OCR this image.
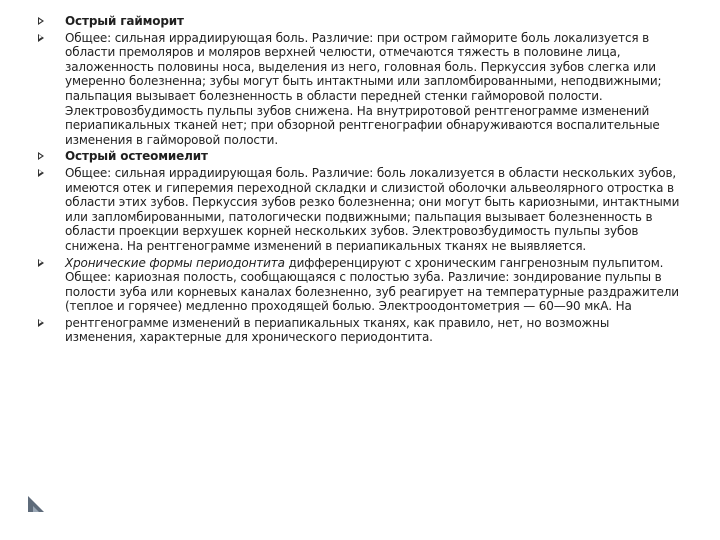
Острый гайморит
Общее: сильная иррадиирующая боль. Различие: при остром гайморите боль локализуется в области премоляров и моляров верхней челюсти, отмечаются тяжесть в половине лица, заложенность половины носа, выделения из него, головная боль. Перкуссия зубов слегка или умеренно болезненна; зубы могут быть интактными или запломбированными, неподвижными; пальпация вызывает болезненность в области передней стенки гайморовой полости. Электровозбудимость пульпы зубов снижена. На внутриротовой рентгенограмме изменений периапикальных тканей нет; при обзорной рентгенографии обнаруживаются воспалительные изменения в гайморовой полости.
Острый остеомиелит
Общее: сильная иррадиирующая боль. Различие: боль локализуется в области нескольких зубов, имеются отек и гиперемия переходной складки и слизистой оболочки альвеолярного отростка в области этих зубов. Перкуссия зубов резко болезненна; они могут быть кариозными, интактными или запломбированными, патологически подвижными; пальпация вызывает болезненность в области проекции верхушек корней нескольких зубов. Электровозбудимость пульпы зубов снижена. На рентгенограмме изменений в периапикальных тканях не выявляется.
Хронические формы периодонтита дифференцируют с хроническим гангренозным пульпитом. Общее: кариозная полость, сообщающаяся с полостью зуба. Различие: зондирование пульпы в полости зуба или корневых каналах болезненно, зуб реагирует на температурные раздражители (теплое и горячее) медленно проходящей болью. Электроодонтометрия — 60—90 мкА. На
рентгенограмме изменений в периапикальных тканях, как правило, нет, но возможны изменения, характерные для хронического периодонтита.
